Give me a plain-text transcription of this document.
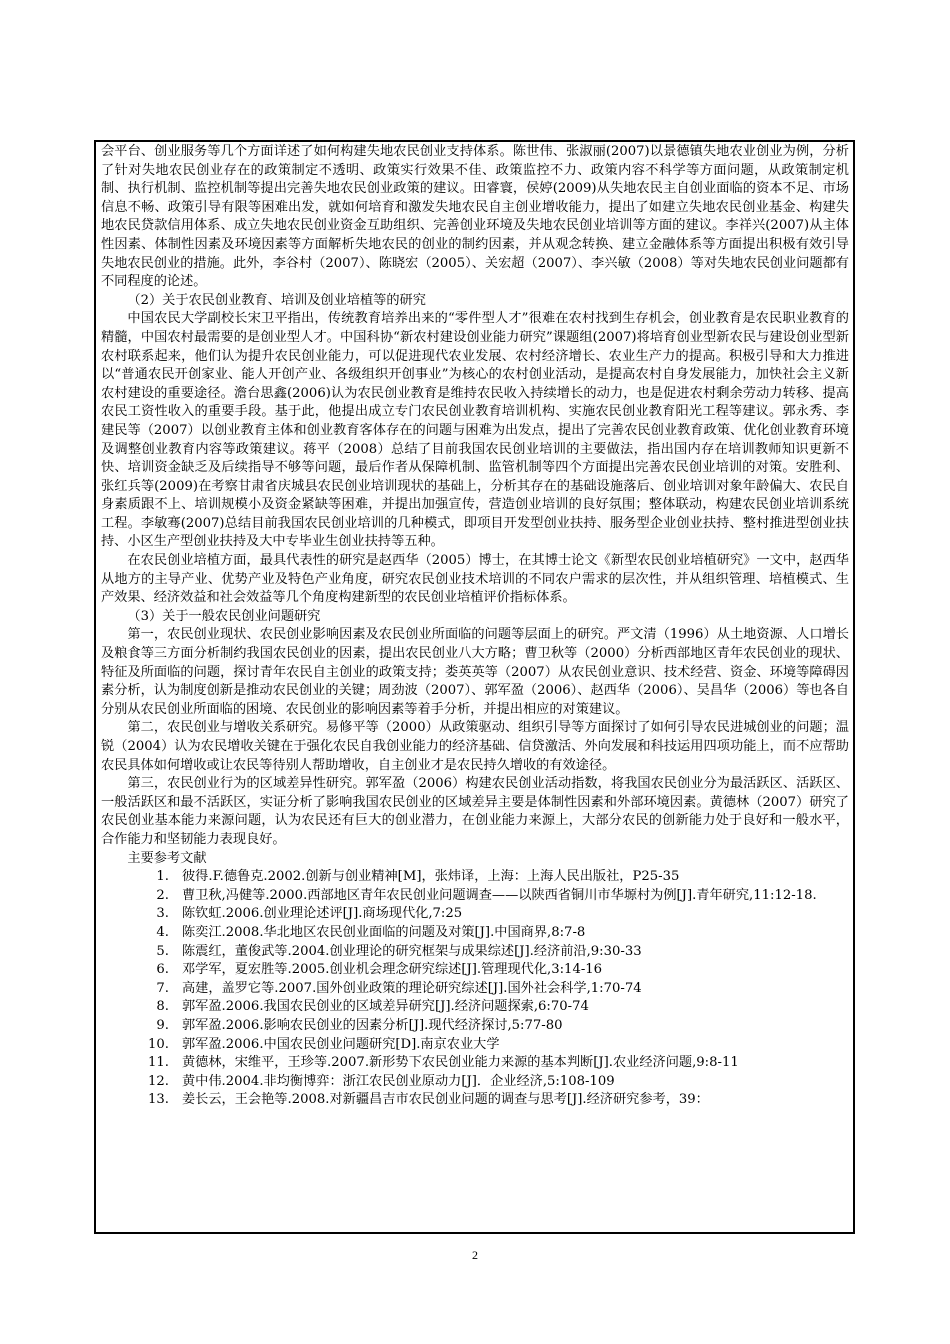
会平台、创业服务等几个方面详述了如何构建失地农民创业支持体系。陈世伟、张淑丽(2007)以景德镇失地农业创业为例，分析了针对失地农民创业存在的政策制定不透明、政策实行效果不佳、政策监控不力、政策内容不科学等方面问题，从政策制定机制、执行机制、监控机制等提出完善失地农民创业政策的建议。田睿寰，侯婷(2009)从失地农民主自创业面临的资本不足、市场信息不畅、政策引导有限等困难出发，就如何培育和激发失地农民自主创业增收能力，提出了如建立失地农民创业基金、构建失地农民贷款信用体系、成立失地农民创业资金互助组织、完善创业环境及失地农民创业培训等方面的建议。李祥兴(2007)从主体性因素、体制性因素及环境因素等方面解析失地农民的创业的制约因素，并从观念转换、建立金融体系等方面提出积极有效引导失地农民创业的措施。此外，李谷村（2007）、陈晓宏（2005）、关宏超（2007）、李兴敏（2008）等对失地农民创业问题都有不同程度的论述。

（2）关于农民创业教育、培训及创业培植等的研究

中国农民大学副校长宋卫平指出，传统教育培养出来的“零件型人才”很难在农村找到生存机会，创业教育是农民职业教育的精髓，中国农村最需要的是创业型人才。中国科协“新农村建设创业能力研究”课题组(2007)将培育创业型新农民与建设创业型新农村联系起来，他们认为提升农民创业能力，可以促进现代农业发展、农村经济增长、农业生产力的提高。积极引导和大力推进以“普通农民开创家业、能人开创产业、各级组织开创事业”为核心的农村创业活动，是提高农村自身发展能力，加快社会主义新农村建设的重要途径。澹台思鑫(2006)认为农民创业教育是维持农民收入持续增长的动力，也是促进农村剩余劳动力转移、提高农民工资性收入的重要手段。基于此，他提出成立专门农民创业教育培训机构、实施农民创业教育阳光工程等建议。郭永秀、李建民等（2007）以创业教育主体和创业教育客体存在的问题与困难为出发点，提出了完善农民创业教育政策、优化创业教育环境及调整创业教育内容等政策建议。蒋平（2008）总结了目前我国农民创业培训的主要做法，指出国内存在培训教师知识更新不快、培训资金缺乏及后续指导不够等问题，最后作者从保障机制、监管机制等四个方面提出完善农民创业培训的对策。安胜利、张红兵等(2009)在考察甘肃省庆城县农民创业培训现状的基础上，分析其存在的基础设施落后、创业培训对象年龄偏大、农民自身素质跟不上、培训规模小及资金紧缺等困难，并提出加强宣传，营造创业培训的良好氛围；整体联动，构建农民创业培训系统工程。李敏骞(2007)总结目前我国农民创业培训的几种模式，即项目开发型创业扶持、服务型企业创业扶持、整村推进型创业扶持、小区生产型创业扶持及大中专毕业生创业扶持等五种。

在农民创业培植方面，最具代表性的研究是赵西华（2005）博士，在其博士论文《新型农民创业培植研究》一文中，赵西华从地方的主导产业、优势产业及特色产业角度，研究农民创业技术培训的不同农户需求的层次性，并从组织管理、培植模式、生产效果、经济效益和社会效益等几个角度构建新型的农民创业培植评价指标体系。

（3）关于一般农民创业问题研究

第一，农民创业现状、农民创业影响因素及农民创业所面临的问题等层面上的研究。严文清（1996）从土地资源、人口增长及粮食等三方面分析制约我国农民创业的因素，提出农民创业八大方略；曹卫秋等（2000）分析西部地区青年农民创业的现状、特征及所面临的问题，探讨青年农民自主创业的政策支持；娄英英等（2007）从农民创业意识、技术经营、资金、环境等障碍因素分析，认为制度创新是推动农民创业的关键；周劲波（2007）、郭军盈（2006）、赵西华（2006）、吴昌华（2006）等也各自分别从农民创业所面临的困境、农民创业的影响因素等着手分析，并提出相应的对策建议。

第二，农民创业与增收关系研究。易修平等（2000）从政策驱动、组织引导等方面探讨了如何引导农民进城创业的问题；温锐（2004）认为农民增收关键在于强化农民自我创业能力的经济基础、信贷激活、外向发展和科技运用四项功能上，而不应帮助农民具体如何增收或让农民等待别人帮助增收，自主创业才是农民持久增收的有效途径。

第三，农民创业行为的区域差异性研究。郭军盈（2006）构建农民创业活动指数，将我国农民创业分为最活跃区、活跃区、一般活跃区和最不活跃区，实证分析了影响我国农民创业的区域差异主要是体制性因素和外部环境因素。黄德林（2007）研究了农民创业基本能力来源问题，认为农民还有巨大的创业潜力，在创业能力来源上，大部分农民的创新能力处于良好和一般水平，合作能力和坚韧能力表现良好。

主要参考文献

1. 彼得.F.德鲁克.2002.创新与创业精神[M]，张炜译，上海：上海人民出版社，P25-35
2. 曹卫秋,冯健等.2000.西部地区青年农民创业问题调查——以陕西省铜川市华塬村为例[J].青年研究,11:12-18.
3. 陈钦虹.2006.创业理论述评[J].商场现代化,7:25
4. 陈奕江.2008.华北地区农民创业面临的问题及对策[J].中国商界,8:7-8
5. 陈震红，董俊武等.2004.创业理论的研究框架与成果综述[J].经济前沿,9:30-33
6. 邓学军，夏宏胜等.2005.创业机会理念研究综述[J].管理现代化,3:14-16
7. 高建，盖罗它等.2007.国外创业政策的理论研究综述[J].国外社会科学,1:70-74
8. 郭军盈.2006.我国农民创业的区域差异研究[J].经济问题探索,6:70-74
9. 郭军盈.2006.影响农民创业的因素分析[J].现代经济探讨,5:77-80
10. 郭军盈.2006.中国农民创业问题研究[D].南京农业大学
11. 黄德林，宋维平，王珍等.2007.新形势下农民创业能力来源的基本判断[J].农业经济问题,9:8-11
12. 黄中伟.2004.非均衡博弈：浙江农民创业原动力[J]．企业经济,5:108-109
13. 姜长云，王会艳等.2008.对新疆昌吉市农民创业问题的调查与思考[J].经济研究参考，39：
2
